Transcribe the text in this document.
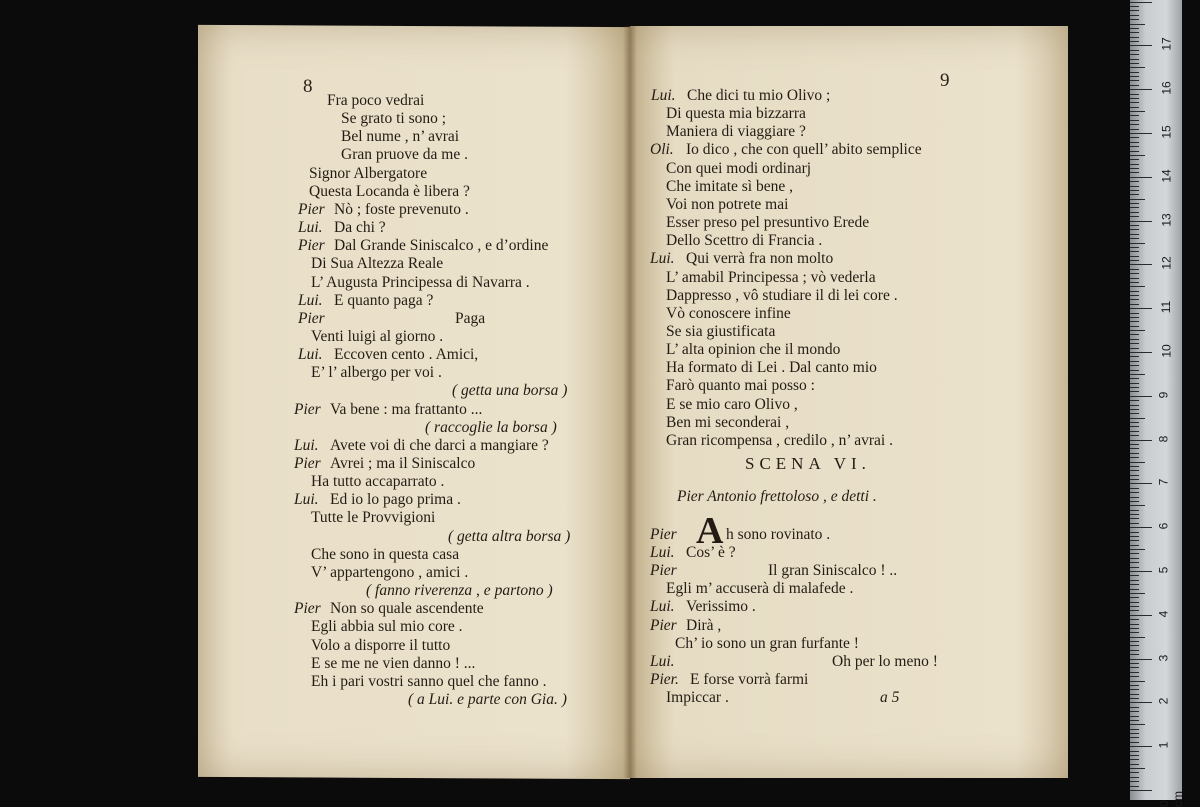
8	9
Fra poco vedrai
Se grato ti sono ;
Bel nume , n’ avrai
Gran pruove da me .
Signor Albergatore
Questa Locanda è libera ?
Pier Nò ; foste prevenuto .
Lui. Da chi ?
Pier Dal Grande Siniscalco , e d’ordine
Di Sua Altezza Reale
L’ Augusta Principessa di Navarra .
Lui. E quanto paga ?
Pier	Paga
Venti luigi al giorno .
Lui. Eccoven cento . Amici,
E’ l’ albergo per voi .
( getta una borsa )
Pier Va bene : ma frattanto ...
( raccoglie la borsa )
Lui. Avete voi di che darci a mangiare ?
Pier Avrei ; ma il Siniscalco
Ha tutto accaparrato .
Lui. Ed io lo pago prima .
Tutte le Provvigioni
( getta altra borsa )
Che sono in questa casa
V’ appartengono , amici .
( fanno riverenza , e partono )
Pier Non so quale ascendente
Egli abbia sul mio core .
Volo a disporre il tutto
E se me ne vien danno ! ...
Eh i pari vostri sanno quel che fanno .
( a Lui. e parte con Gia. )
Lui. Che dici tu mio Olivo ;
Di questa mia bizzarra
Maniera di viaggiare ?
Oli. Io dico , che con quell’ abito semplice
Con quei modi ordinarj
Che imitate sì bene ,
Voi non potrete mai
Esser preso pel presuntivo Erede
Dello Scettro di Francia .
Lui. Qui verrà fra non molto
L’ amabil Principessa ; vò vederla
Dappresso , vô studiare il di lei core .
Vò conoscere infine
Se sia giustificata
L’ alta opinion che il mondo
Ha formato di Lei . Dal canto mio
Farò quanto mai posso :
E se mio caro Olivo ,
Ben mi seconderai ,
Gran ricompensa , credilo , n’ avrai .
Pier A h sono rovinato .
Lui. Cos’ è ?
Pier	Il gran Siniscalco ! ..
Egli m’ accuserà di malafede .
Lui. Verissimo .
Pier Dirà ,
Ch’ io sono un gran furfante !
Lui.	Oh per lo meno !
Pier. E forse vorrà farmi
Impiccar .
SCENA VI.
Pier Antonio frettoloso , e detti .
a 5
0 cm
1
2
3
4
5
6
7
8
9
10
11
12
13
14
15
16
17
